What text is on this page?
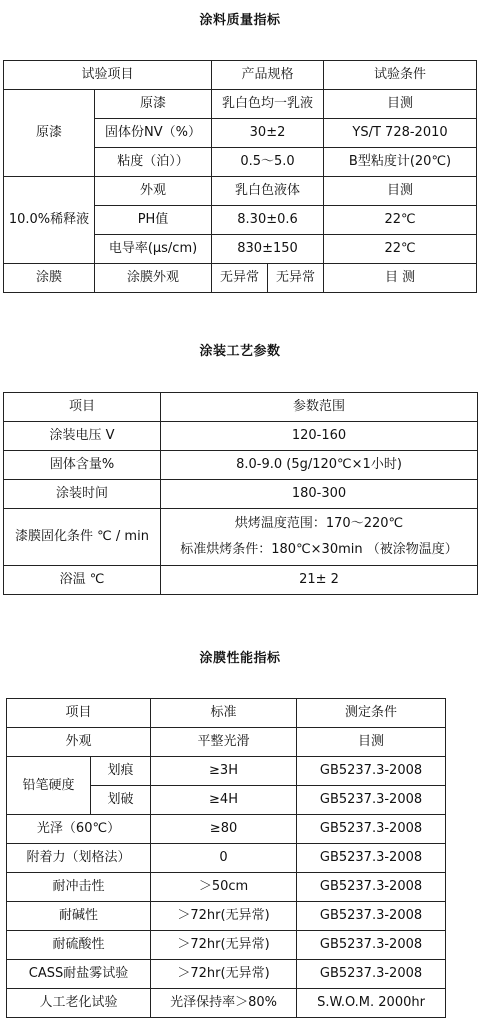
涂料质量指标
试验项目		产品规格		试验条件
原漆	原漆	乳白色均一乳液		目测
	固体份NV（%）	30±2		YS/T 728-2010
	粘度（泊））	0.5～5.0		B型粘度计(20℃)
10.0%稀释液	外观	乳白色液体		目测
	PH值	8.30±0.6		22℃
	电导率(µs/cm)	830±150		22℃
涂膜	涂膜外观	无异常	无异常	目 测
涂装工艺参数
项目	参数范围
涂装电压 V	120-160
固体含量%	8.0-9.0 (5g/120℃×1小时)
涂装时间	180-300
漆膜固化条件 ℃ / min	烘烤温度范围：170～220℃
标准烘烤条件：180℃×30min （被涂物温度）

浴温 ℃	21± 2
涂膜性能指标
项目		标准	测定条件
外观		平整光滑	目测
铅笔硬度	划痕	≥3H	GB5237.3-2008
	划破	≥4H	GB5237.3-2008
光泽（60℃）		≥80	GB5237.3-2008
附着力（划格法）		0	GB5237.3-2008
耐冲击性		＞50cm	GB5237.3-2008
耐碱性		＞72hr(无异常)	GB5237.3-2008
耐硫酸性		＞72hr(无异常)	GB5237.3-2008
CASS耐盐雾试验		＞72hr(无异常)	GB5237.3-2008
人工老化试验		光泽保持率＞80%	S.W.O.M. 2000hr
